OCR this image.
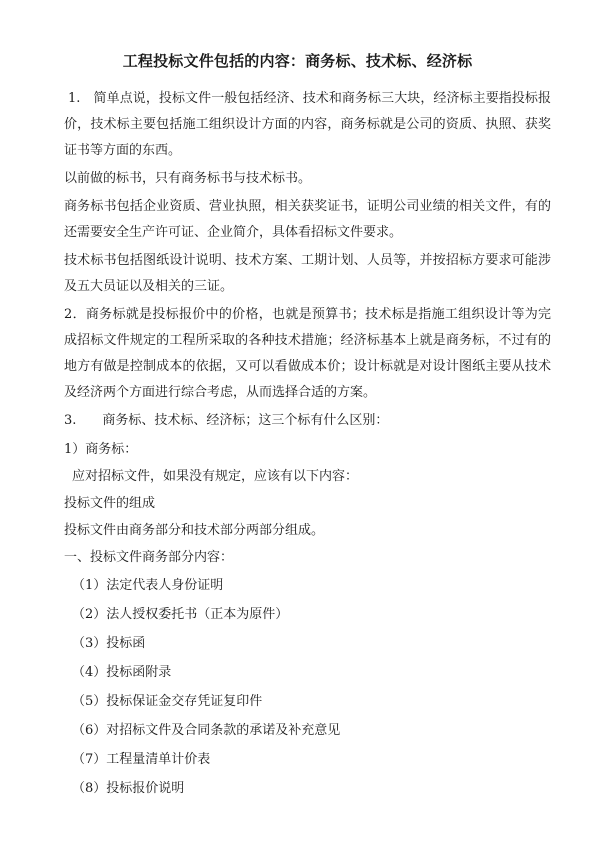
工程投标文件包括的内容：商务标、技术标、经济标

1.　简单点说，投标文件一般包括经济、技术和商务标三大块，经济标主要指投标报价，技术标主要包括施工组织设计方面的内容，商务标就是公司的资质、执照、获奖证书等方面的东西。

以前做的标书，只有商务标书与技术标书。

商务标书包括企业资质、营业执照，相关获奖证书，证明公司业绩的相关文件，有的还需要安全生产许可证、企业简介，具体看招标文件要求。

技术标书包括图纸设计说明、技术方案、工期计划、人员等，并按招标方要求可能涉及五大员证以及相关的三证。

2．商务标就是投标报价中的价格，也就是预算书；技术标是指施工组织设计等为完成招标文件规定的工程所采取的各种技术措施；经济标基本上就是商务标，不过有的地方有做是控制成本的依据，又可以看做成本价；设计标就是对设计图纸主要从技术及经济两个方面进行综合考虑，从而选择合适的方案。

3.　　商务标、技术标、经济标；这三个标有什么区别：

1）商务标：

应对招标文件，如果没有规定，应该有以下内容：

投标文件的组成

投标文件由商务部分和技术部分两部分组成。

一、投标文件商务部分内容：

（1）法定代表人身份证明

（2）法人授权委托书（正本为原件）

（3）投标函

（4）投标函附录

（5）投标保证金交存凭证复印件

（6）对招标文件及合同条款的承诺及补充意见

（7）工程量清单计价表

（8）投标报价说明
